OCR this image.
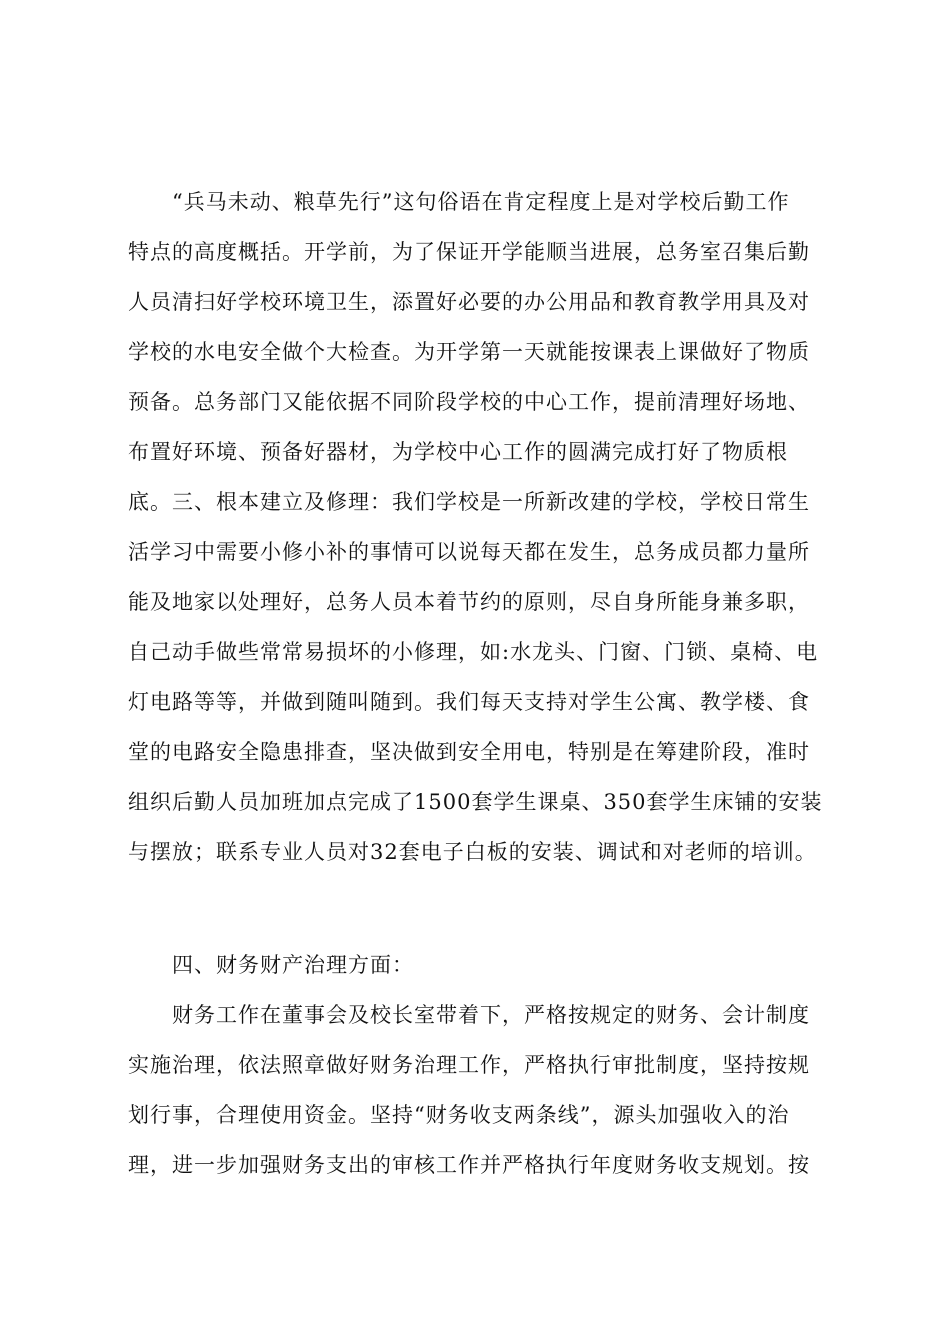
“兵马未动、粮草先行”这句俗语在肯定程度上是对学校后勤工作
特点的高度概括。开学前，为了保证开学能顺当进展，总务室召集后勤
人员清扫好学校环境卫生，添置好必要的办公用品和教育教学用具及对
学校的水电安全做个大检查。为开学第一天就能按课表上课做好了物质
预备。总务部门又能依据不同阶段学校的中心工作，提前清理好场地、
布置好环境、预备好器材，为学校中心工作的圆满完成打好了物质根
底。三、根本建立及修理：我们学校是一所新改建的学校，学校日常生
活学习中需要小修小补的事情可以说每天都在发生，总务成员都力量所
能及地家以处理好，总务人员本着节约的原则，尽自身所能身兼多职，
自己动手做些常常易损坏的小修理，如:水龙头、门窗、门锁、桌椅、电
灯电路等等，并做到随叫随到。我们每天支持对学生公寓、教学楼、食
堂的电路安全隐患排查，坚决做到安全用电，特别是在筹建阶段，准时
组织后勤人员加班加点完成了1500套学生课桌、350套学生床铺的安装
与摆放；联系专业人员对32套电子白板的安装、调试和对老师的培训。
四、财务财产治理方面：
财务工作在董事会及校长室带着下，严格按规定的财务、会计制度
实施治理，依法照章做好财务治理工作，严格执行审批制度，坚持按规
划行事，合理使用资金。坚持“财务收支两条线”，源头加强收入的治
理，进一步加强财务支出的审核工作并严格执行年度财务收支规划。按
